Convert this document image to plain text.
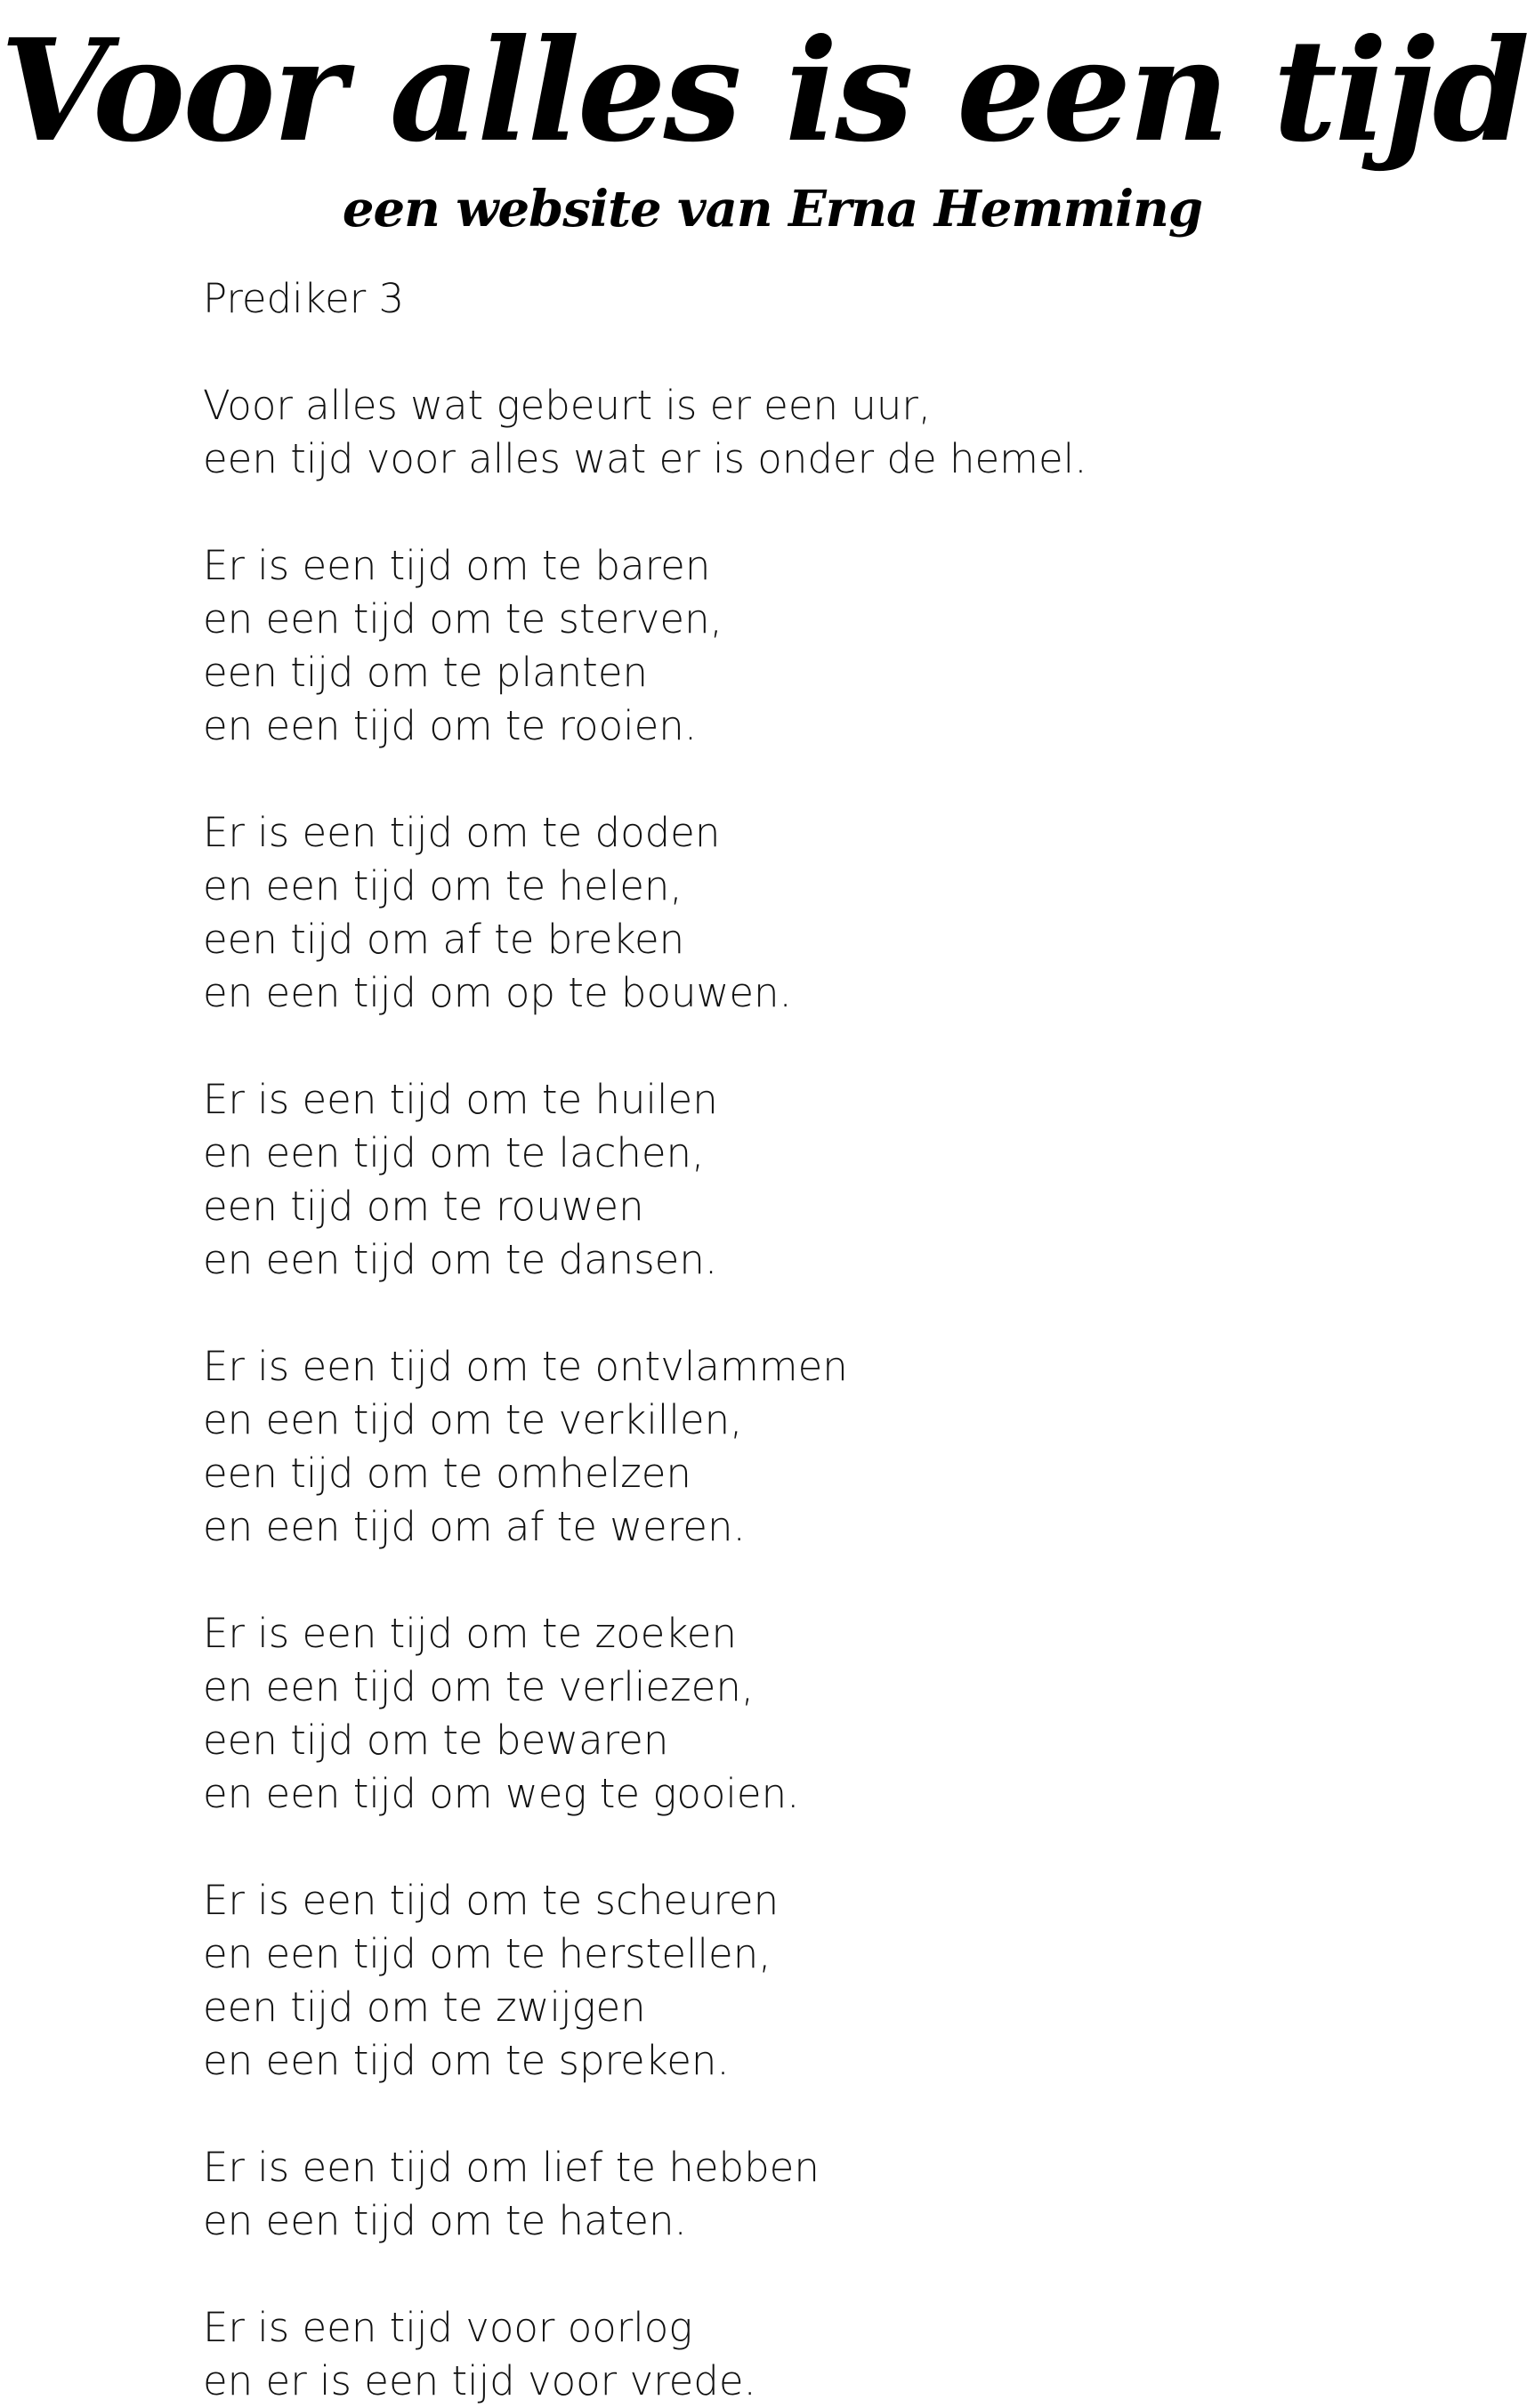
Voor alles is een tijd
een website van Erna Hemming
Prediker 3
Voor alles wat gebeurt is er een uur,
een tijd voor alles wat er is onder de hemel.
Er is een tijd om te baren
en een tijd om te sterven,
een tijd om te planten
en een tijd om te rooien.
Er is een tijd om te doden
en een tijd om te helen,
een tijd om af te breken
en een tijd om op te bouwen.
Er is een tijd om te huilen
en een tijd om te lachen,
een tijd om te rouwen
en een tijd om te dansen.
Er is een tijd om te ontvlammen
en een tijd om te verkillen,
een tijd om te omhelzen
en een tijd om af te weren.
Er is een tijd om te zoeken
en een tijd om te verliezen,
een tijd om te bewaren
en een tijd om weg te gooien.
Er is een tijd om te scheuren
en een tijd om te herstellen,
een tijd om te zwijgen
en een tijd om te spreken.
Er is een tijd om lief te hebben
en een tijd om te haten.
Er is een tijd voor oorlog
en er is een tijd voor vrede.
